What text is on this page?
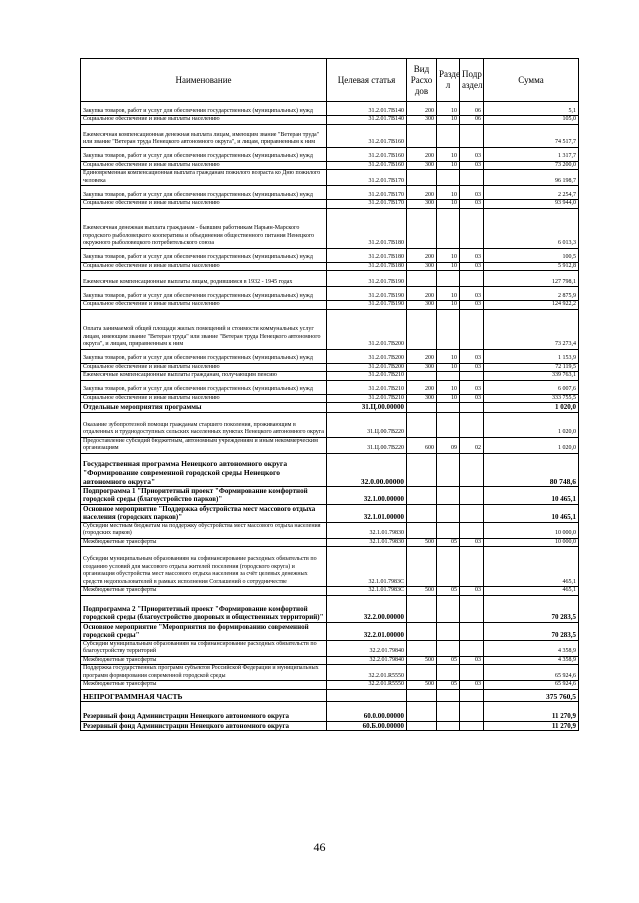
Наименование	Целевая статья	Вид Расхо дов	Разде л	Подр аздел	Сумма
Закупка товаров, работ и услуг для обеспечения государственных (муниципальных) нужд	31.2.01.7В140	200	10	06	5,1
Социальное обеспечение и иные выплаты населению	31.2.01.7В140	300	10	06	105,0
Ежемесячная компенсационная денежная выплата лицам, имеющим звание "Ветеран труда" или звание "Ветеран труда Ненецкого автономного округа", и лицам, приравненным к ним	31.2.01.7В160				74 517,7
Закупка товаров, работ и услуг для обеспечения государственных (муниципальных) нужд	31.2.01.7В160	200	10	03	1 317,7
Социальное обеспечение и иные выплаты населению	31.2.01.7В160	300	10	03	73 200,0
Единовременная компенсационная выплата гражданам пожилого возраста ко Дню пожилого человека	31.2.01.7В170				96 198,7
Закупка товаров, работ и услуг для обеспечения государственных (муниципальных) нужд	31.2.01.7В170	200	10	03	2 254,7
Социальное обеспечение и иные выплаты населению	31.2.01.7В170	300	10	03	93 944,0
Ежемесячная денежная выплата гражданам - бывшим работникам Нарьян-Марского городского рыболовецкого кооператива и объединения общественного питания Ненецкого окружного рыболовецкого потребительского союза	31.2.01.7В180				6 013,3
Закупка товаров, работ и услуг для обеспечения государственных (муниципальных) нужд	31.2.01.7В180	200	10	03	100,5
Социальное обеспечение и иные выплаты населению	31.2.01.7В180	300	10	03	5 912,8
Ежемесячные компенсационные выплаты лицам, родившимся в 1932 - 1945 годах	31.2.01.7В190				127 798,1
Закупка товаров, работ и услуг для обеспечения государственных (муниципальных) нужд	31.2.01.7В190	200	10	03	2 875,9
Социальное обеспечение и иные выплаты населению	31.2.01.7В190	300	10	03	124 922,2
Оплата занимаемой общей площади жилых помещений и стоимости коммунальных услуг лицам, имеющим звание "Ветеран труда" или звание "Ветеран труда Ненецкого автономного округа", и лицам, приравненным к ним	31.2.01.7В200				73 273,4
Закупка товаров, работ и услуг для обеспечения государственных (муниципальных) нужд	31.2.01.7В200	200	10	03	1 153,9
Социальное обеспечение и иные выплаты населению	31.2.01.7В200	300	10	03	72 119,5
Ежемесячные компенсационные выплаты гражданам, получающим пенсию	31.2.01.7В210				339 763,1
Закупка товаров, работ и услуг для обеспечения государственных (муниципальных) нужд	31.2.01.7В210	200	10	03	6 007,6
Социальное обеспечение и иные выплаты населению	31.2.01.7В210	300	10	03	333 755,5
Отдельные мероприятия программы	31.Ц.00.00000				1 020,0
Оказание зубопротезной помощи гражданам старшего поколения, проживающим в отдаленных и труднодоступных сельских населенных пунктах Ненецкого автономного округа	31.Ц.00.7В220				1 020,0
Предоставление субсидий бюджетным, автономным учреждениям и иным некоммерческим организациям	31.Ц.00.7В220	600	09	02	1 020,0
Государственная программа Ненецкого автономного округа "Формирование современной городской среды Ненецкого автономного округа"	32.0.00.00000				80 748,6
Подпрограмма 1 "Приоритетный проект "Формирование комфортной городской среды (благоустройство парков)"	32.1.00.00000				10 465,1
Основное мероприятие "Поддержка обустройства мест массового отдыха населения (городских парков)"	32.1.01.00000				10 465,1
Субсидии местным бюджетам на поддержку обустройства мест массового отдыха населения (городских парков)	32.1.01.79830				10 000,0
Межбюджетные трансферты	32.1.01.79830	500	05	03	10 000,0
Субсидии муниципальным образованиям на софинансирование расходных обязательств по созданию условий для массового отдыха жителей поселения (городского округа) и организация обустройства мест массового отдыха населения за счёт целевых денежных средств недопользователей в рамках исполнения Соглашений о сотрудничестве	32.1.01.7983С				465,1
Межбюджетные трансферты	32.1.01.7983С	500	05	03	465,1
Подпрограмма 2 "Приоритетный проект "Формирование комфортной городской среды (благоустройство дворовых и общественных территорий)"	32.2.00.00000				70 283,5
Основное мероприятие "Мероприятия по формированию современной городской среды"	32.2.01.00000				70 283,5
Субсидии муниципальным образованиям на софинансирование расходных обязательств по благоустройству территорий	32.2.01.79840				4 358,9
Межбюджетные трансферты	32.2.01.79840	500	05	03	4 358,9
Поддержка государственных программ субъектов Российской Федерации и муниципальных программ формирования современной городской среды	32.2.01.R5550				65 924,6
Межбюджетные трансферты	32.2.01.R5550	500	05	03	65 924,6
НЕПРОГРАММНАЯ ЧАСТЬ					375 760,5
Резервный фонд Администрации Ненецкого автономного округа	60.0.00.00000				11 270,9
Резервный фонд Администрации Ненецкого автономного округа	60.Б.00.00000				11 270,9
46
